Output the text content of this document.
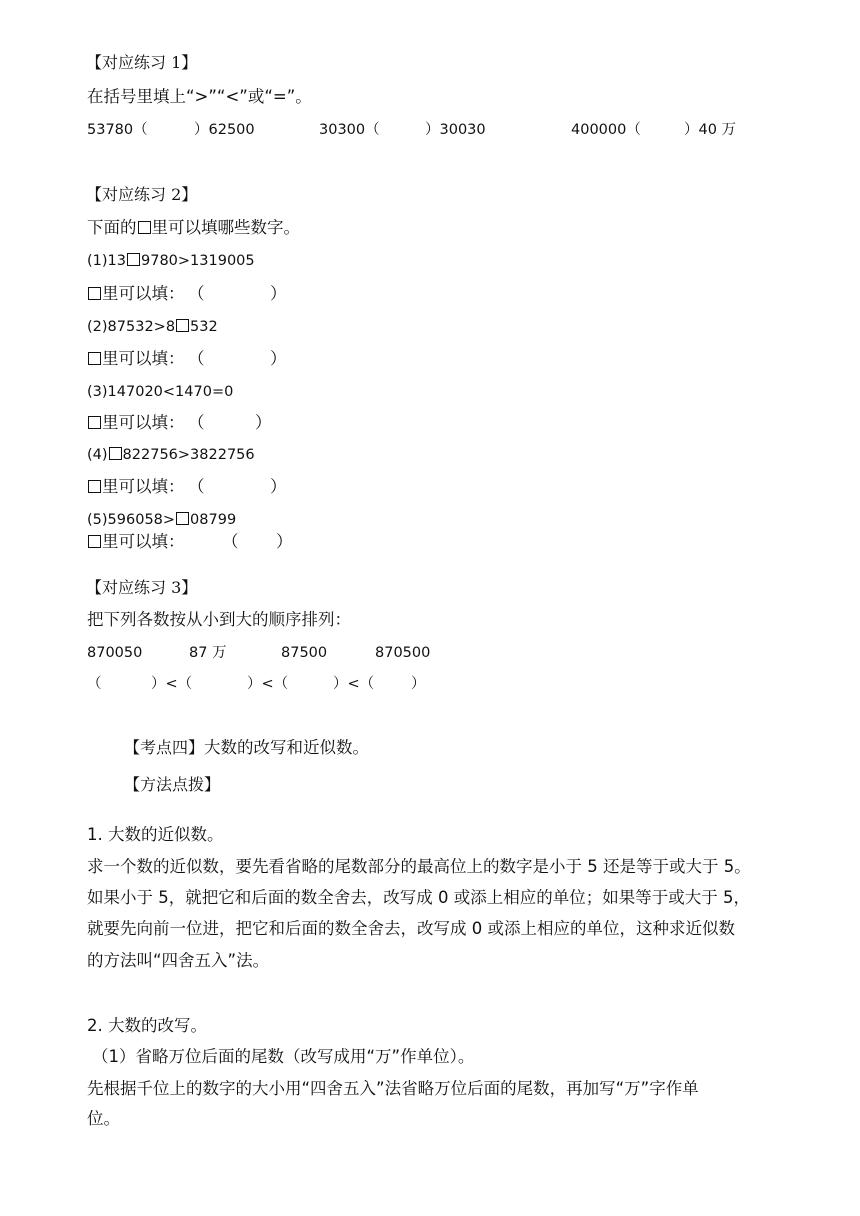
【对应练习 1】
在括号里填上“>”“<”或“=”。
53780（	）62500	30300（	）30030	400000（	）40 万
【对应练习 2】
下面的 里可以填哪些数字。
(1)13 9780>1319005
里可以填： （	）
(2)87532>8 532
里可以填： （	）
(3)147020<1470=0
里可以填： （	）
(4) 822756>3822756
里可以填： （	）
(5)596058> 08799
里可以填： （ ）
【对应练习 3】
把下列各数按从小到大的顺序排列：
870050	87 万	87500	870500
（	）<（	）<（	）<（	）
【考点四】大数的改写和近似数。
【方法点拨】
1. 大数的近似数。
求一个数的近似数，要先看省略的尾数部分的最高位上的数字是小于 5 还是等于或大于 5。
如果小于 5，就把它和后面的数全舍去，改写成 0 或添上相应的单位；如果等于或大于 5，
就要先向前一位进，把它和后面的数全舍去，改写成 0 或添上相应的单位，这种求近似数
的方法叫“四舍五入”法。
2. 大数的改写。
（1）省略万位后面的尾数（改写成用“万”作单位）。
先根据千位上的数字的大小用“四舍五入”法省略万位后面的尾数，再加写“万”字作单
位。
